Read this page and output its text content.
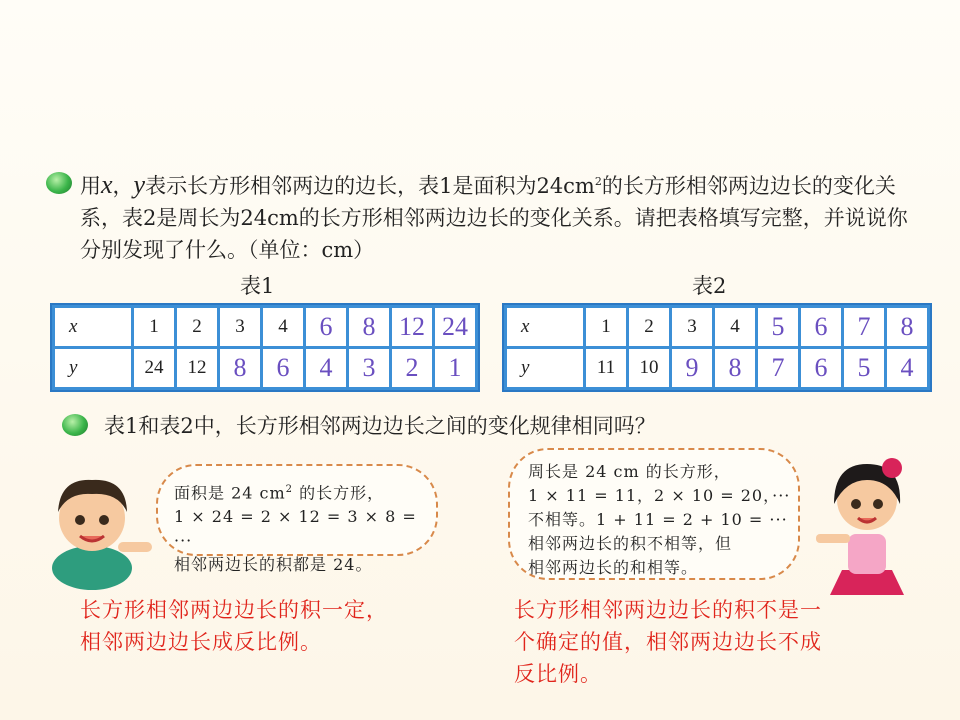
用x，y表示长方形相邻两边的边长，表1是面积为$24cm^2$的长方形相邻两边边长的变化关系，表2是周长为24cm的长方形相邻两边边长的变化关系。请把表格填写完整，并说说你分别发现了什么。（单位：cm）
表1	表2
x	1	2	3	4	6	8	12	24
y	24	12	8	6	4	3	2	1
x	1	2	3	4	5	6	7	8
y	11	10	9	8	7	6	5	4
表1和表2中，长方形相邻两边边长之间的变化规律相同吗？
面积是 24 $cm^2$ 的长方形，
1 × 24 = 2 × 12 = 3 × 8 = ···
相邻两边长的积都是 24。
周长是 24 cm 的长方形，
1 × 11 = 11，2 × 10 = 20，···
不相等。1 + 11 = 2 + 10 = ···
相邻两边长的积不相等，但
相邻两边长的和相等。
长方形相邻两边边长的积一定，
相邻两边边长成反比例。
长方形相邻两边边长的积不是一
个确定的值，相邻两边边长不成
反比例。
